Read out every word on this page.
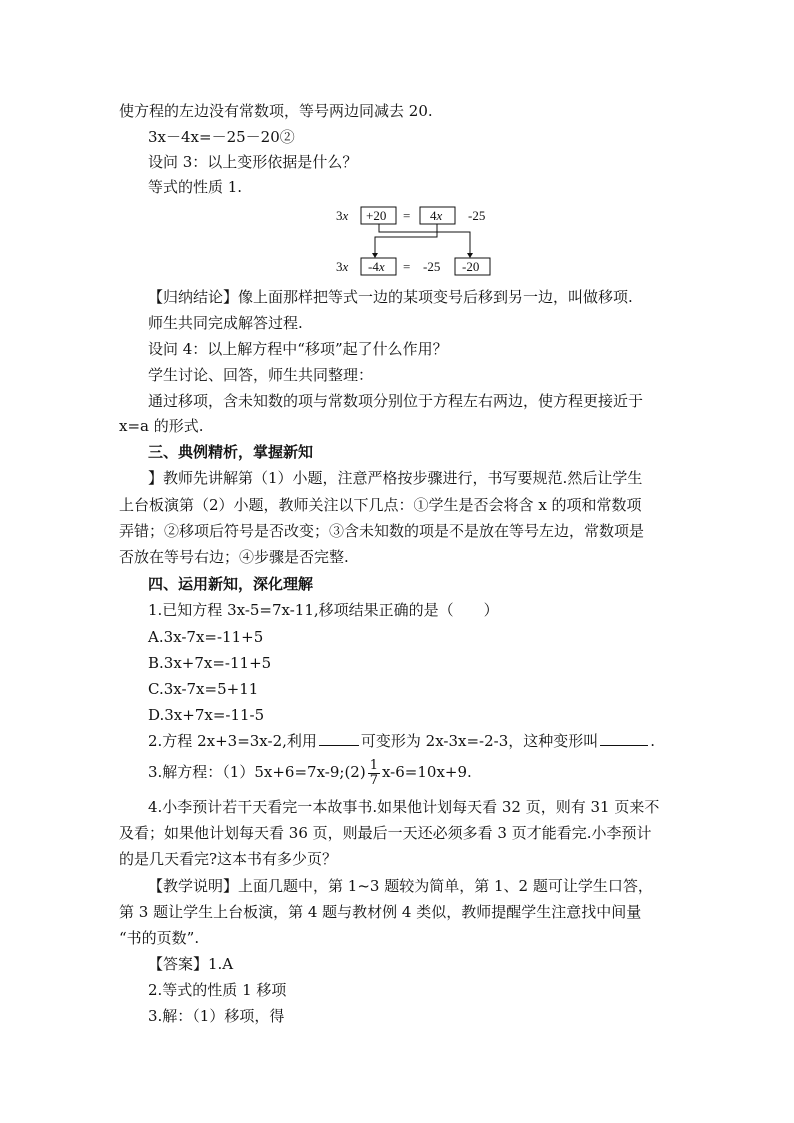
使方程的左边没有常数项，等号两边同减去 20.
3x－4x=－25－20②
设问 3：以上变形依据是什么？
等式的性质 1.
3x +20 = 4x -25
3x -4x = -25 -20
【归纳结论】像上面那样把等式一边的某项变号后移到另一边，叫做移项.
师生共同完成解答过程.
设问 4：以上解方程中“移项”起了什么作用？
学生讨论、回答，师生共同整理：
通过移项，含未知数的项与常数项分别位于方程左右两边，使方程更接近于
x=a 的形式.
三、典例精析，掌握新知
】教师先讲解第（1）小题，注意严格按步骤进行，书写要规范.然后让学生
上台板演第（2）小题，教师关注以下几点：①学生是否会将含 x 的项和常数项
弄错；②移项后符号是否改变；③含未知数的项是不是放在等号左边，常数项是
否放在等号右边；④步骤是否完整.
四、运用新知，深化理解
1.已知方程 3x-5=7x-11,移项结果正确的是（　　）
A.3x-7x=-11+5
B.3x+7x=-11+5
C.3x-7x=5+11
D.3x+7x=-11-5
2.方程 2x+3=3x-2,利用	可变形为 2x-3x=-2-3，这种变形叫	.
3.解方程：（1）5x+6=7x-9;(2) $\frac{1}{7} x-6=10x+9$.
4.小李预计若干天看完一本故事书.如果他计划每天看 32 页，则有 31 页来不
及看；如果他计划每天看 36 页，则最后一天还必须多看 3 页才能看完.小李预计
的是几天看完?这本书有多少页？
【教学说明】上面几题中，第 1~3 题较为简单，第 1、2 题可让学生口答，
第 3 题让学生上台板演，第 4 题与教材例 4 类似，教师提醒学生注意找中间量
“书的页数”.
【答案】1.A
2.等式的性质 1 移项
3.解：（1）移项，得
